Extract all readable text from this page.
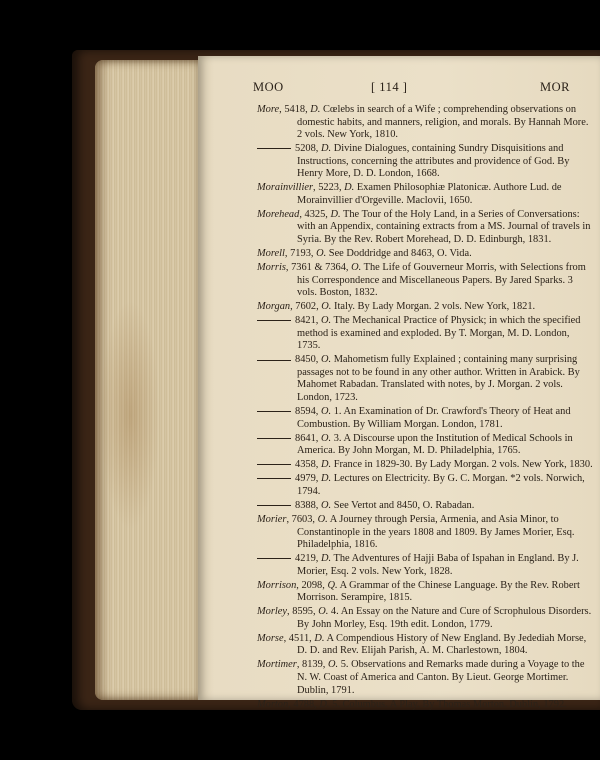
MOO	[ 114 ]	MOR

More, 5418, D. Cœlebs in search of a Wife ; comprehending observations on domestic habits, and manners, religion, and morals. By Hannah More. 2 vols. New York, 1810.

5208, D. Divine Dialogues, containing Sundry Disquisitions and Instructions, concerning the attributes and providence of God. By Henry More, D. D. London, 1668.

Morainvillier, 5223, D. Examen Philosophiæ Platonicæ. Authore Lud. de Morainvillier d'Orgeville. Maclovii, 1650.

Morehead, 4325, D. The Tour of the Holy Land, in a Series of Conversations: with an Appendix, containing extracts from a MS. Journal of travels in Syria. By the Rev. Robert Morehead, D. D. Edinburgh, 1831.

Morell, 7193, O. See Doddridge and 8463, O. Vida.

Morris, 7361 & 7364, O. The Life of Gouverneur Morris, with Selections from his Correspondence and Miscellaneous Papers. By Jared Sparks. 3 vols. Boston, 1832.

Morgan, 7602, O. Italy. By Lady Morgan. 2 vols. New York, 1821.

8421, O. The Mechanical Practice of Physick; in which the specified method is examined and exploded. By T. Morgan, M. D. London, 1735.

8450, O. Mahometism fully Explained ; containing many surprising passages not to be found in any other author. Written in Arabick. By Mahomet Rabadan. Translated with notes, by J. Morgan. 2 vols. London, 1723.

8594, O. 1. An Examination of Dr. Crawford's Theory of Heat and Combustion. By William Morgan. London, 1781.

8641, O. 3. A Discourse upon the Institution of Medical Schools in America. By John Morgan, M. D. Philadelphia, 1765.

4358, D. France in 1829-30. By Lady Morgan. 2 vols. New York, 1830.

4979, D. Lectures on Electricity. By G. C. Morgan. *2 vols. Norwich, 1794.

8388, O. See Vertot and 8450, O. Rabadan.

Morier, 7603, O. A Journey through Persia, Armenia, and Asia Minor, to Constantinople in the years 1808 and 1809. By James Morier, Esq. Philadelphia, 1816.

4219, D. The Adventures of Hajji Baba of Ispahan in England. By J. Morier, Esq. 2 vols. New York, 1828.

Morrison, 2098, Q. A Grammar of the Chinese Language. By the Rev. Robert Morrison. Serampire, 1815.

Morley, 8595, O. 4. An Essay on the Nature and Cure of Scrophulous Disorders. By John Morley, Esq. 19th edit. London, 1779.

Morse, 4511, D. A Compendious History of New England. By Jedediah Morse, D. D. and Rev. Elijah Parish, A. M. Charlestown, 1804.

Mortimer, 8139, O. 5. Observations and Remarks made during a Voyage to the N. W. Coast of America and Canton. By Lieut. George Mortimer. Dublin, 1791.

Morton, 4788, D. 5. Columbus. A Play. By Thomas Morton. Dublin, 1792.
